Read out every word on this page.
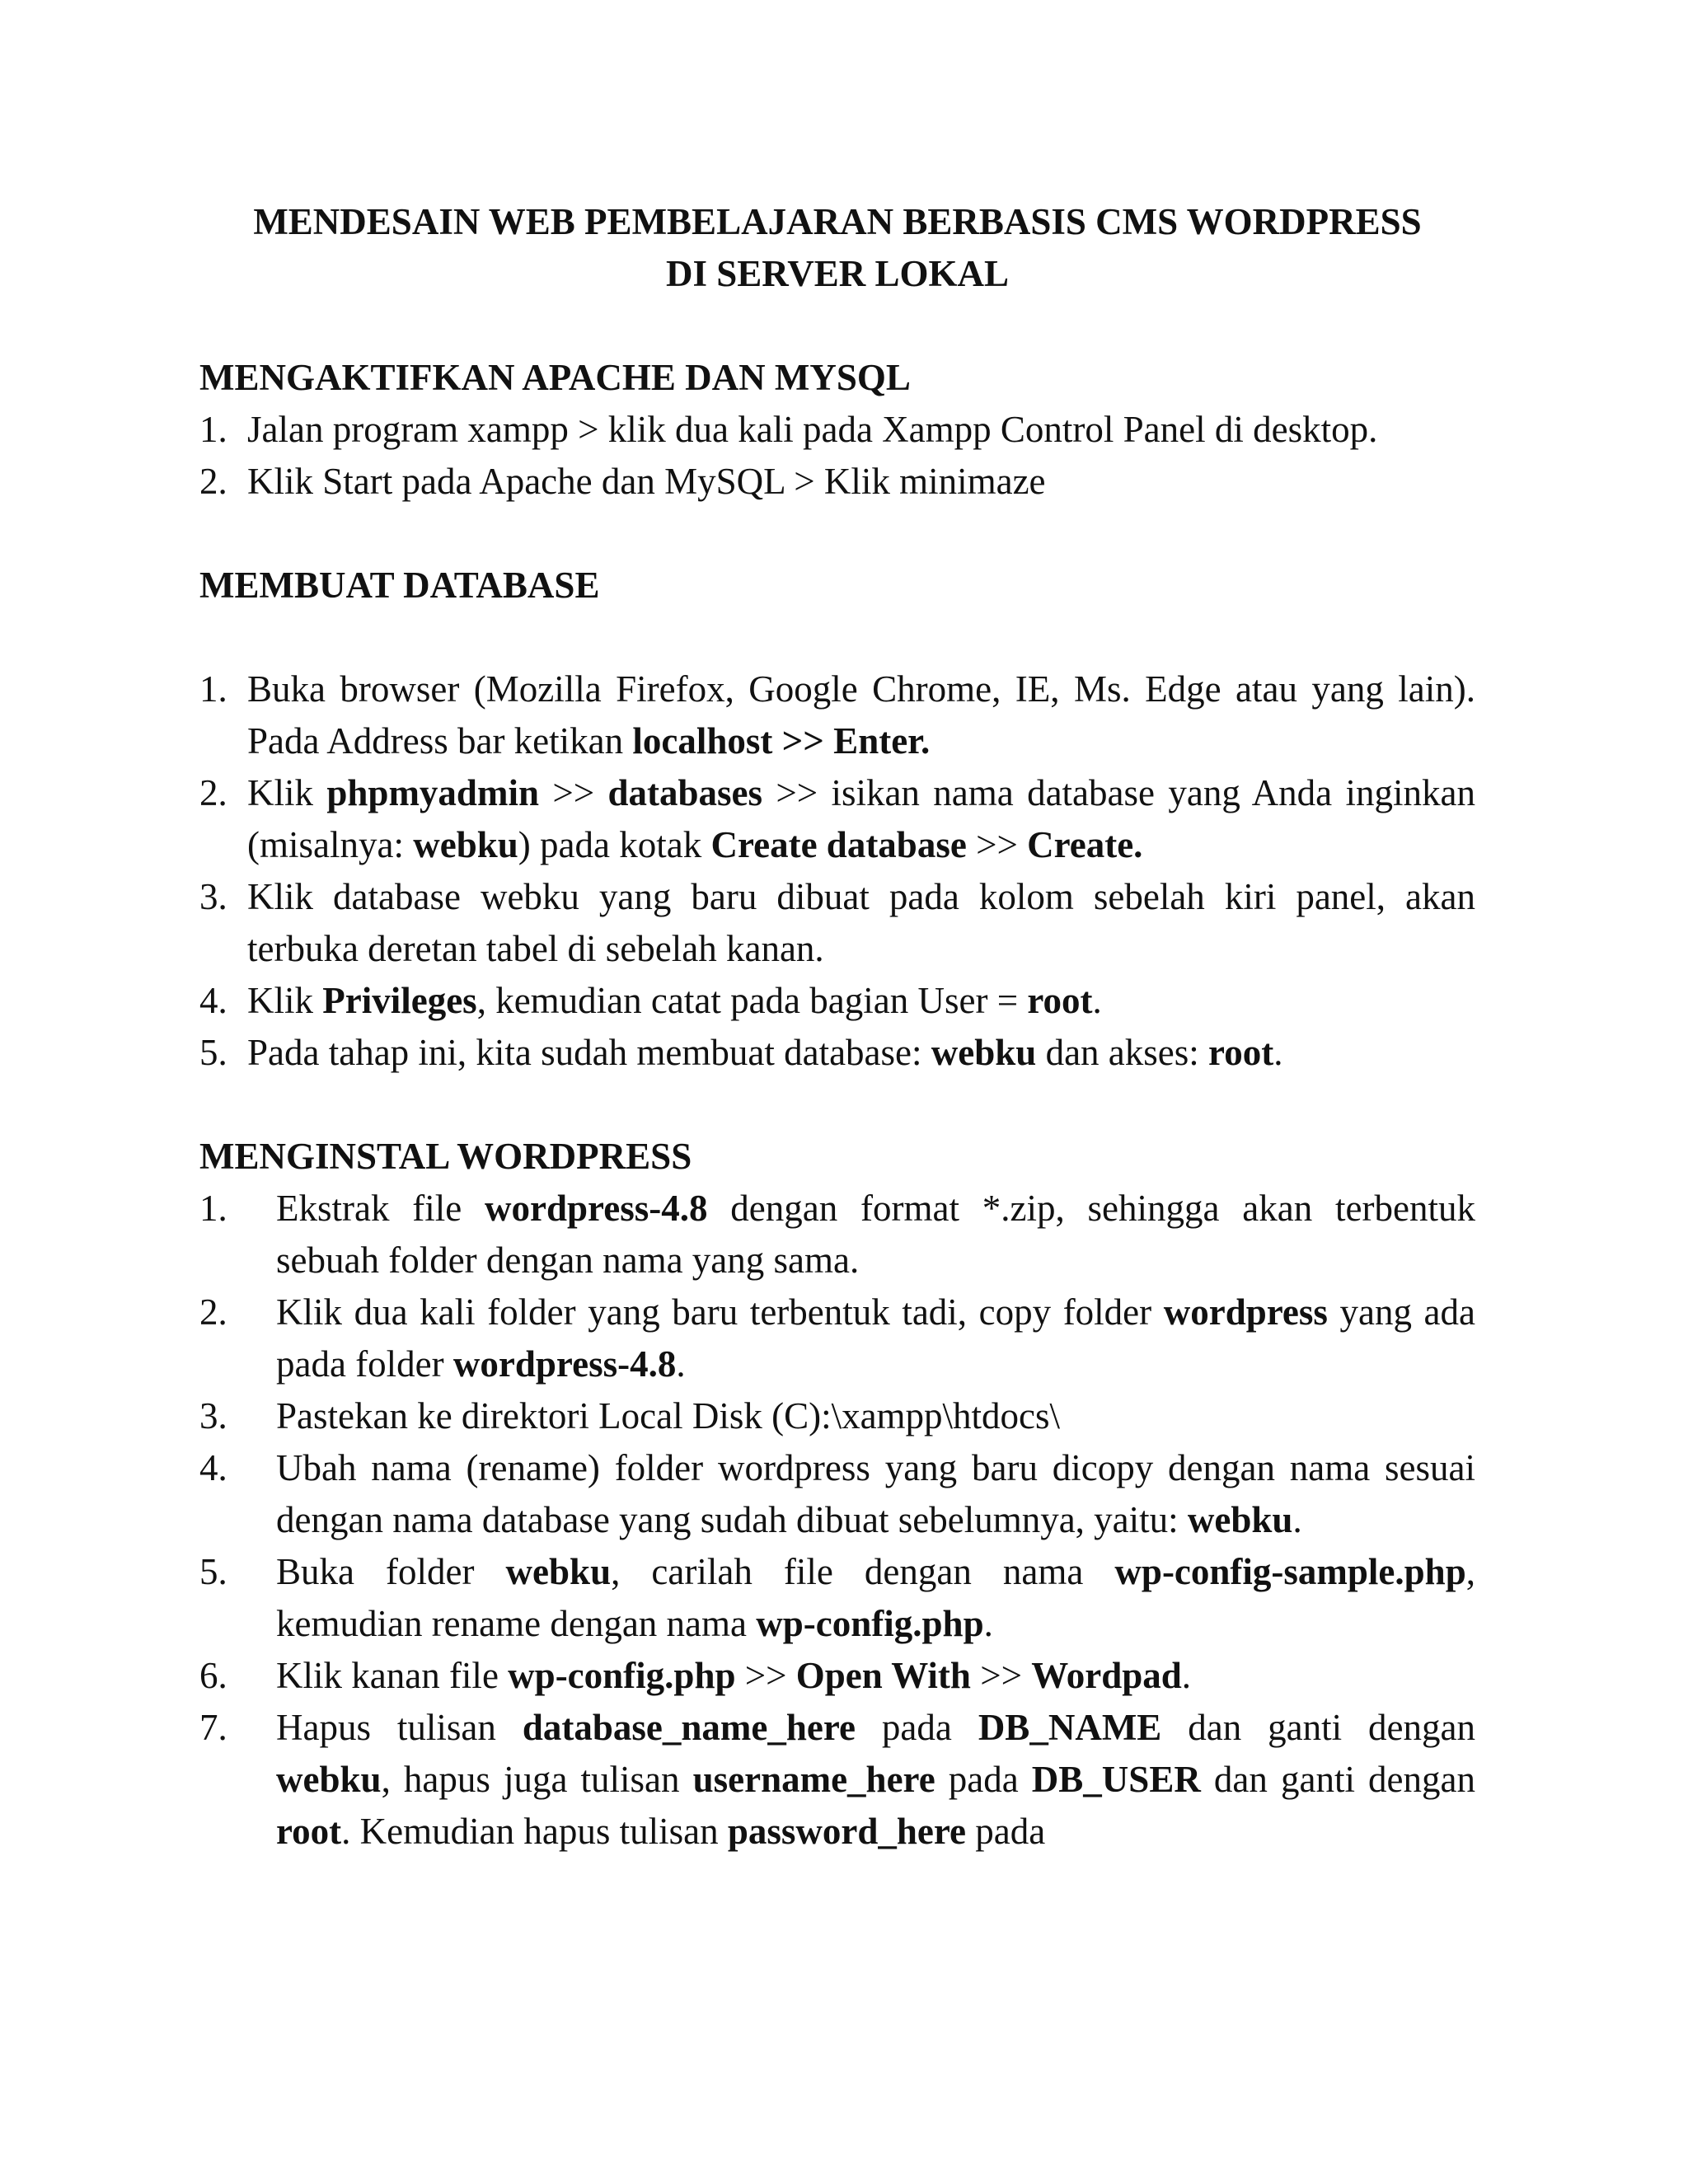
MENDESAIN WEB PEMBELAJARAN BERBASIS CMS WORDPRESS
DI SERVER LOKAL
MENGAKTIFKAN APACHE DAN MYSQL
1. Jalan program xampp > klik dua kali pada Xampp Control Panel di desktop.
2. Klik Start pada Apache dan MySQL > Klik minimaze
MEMBUAT DATABASE
1. Buka browser (Mozilla Firefox, Google Chrome, IE, Ms. Edge atau yang lain). Pada Address bar ketikan localhost >> Enter.
2. Klik phpmyadmin >> databases >> isikan nama database yang Anda inginkan (misalnya: webku) pada kotak Create database >> Create.
3. Klik database webku yang baru dibuat pada kolom sebelah kiri panel, akan terbuka deretan tabel di sebelah kanan.
4. Klik Privileges, kemudian catat pada bagian User = root.
5. Pada tahap ini, kita sudah membuat database: webku dan akses: root.
MENGINSTAL WORDPRESS
1. Ekstrak file wordpress-4.8 dengan format *.zip, sehingga akan terbentuk sebuah folder dengan nama yang sama.
2. Klik dua kali folder yang baru terbentuk tadi, copy folder wordpress yang ada pada folder wordpress-4.8.
3. Pastekan ke direktori Local Disk (C):\xampp\htdocs\
4. Ubah nama (rename) folder wordpress yang baru dicopy dengan nama sesuai dengan nama database yang sudah dibuat sebelumnya, yaitu: webku.
5. Buka folder webku, carilah file dengan nama wp-config-sample.php, kemudian rename dengan nama wp-config.php.
6. Klik kanan file wp-config.php >> Open With >> Wordpad.
7. Hapus tulisan database_name_here pada DB_NAME dan ganti dengan webku, hapus juga tulisan username_here pada DB_USER dan ganti dengan root. Kemudian hapus tulisan password_here pada
